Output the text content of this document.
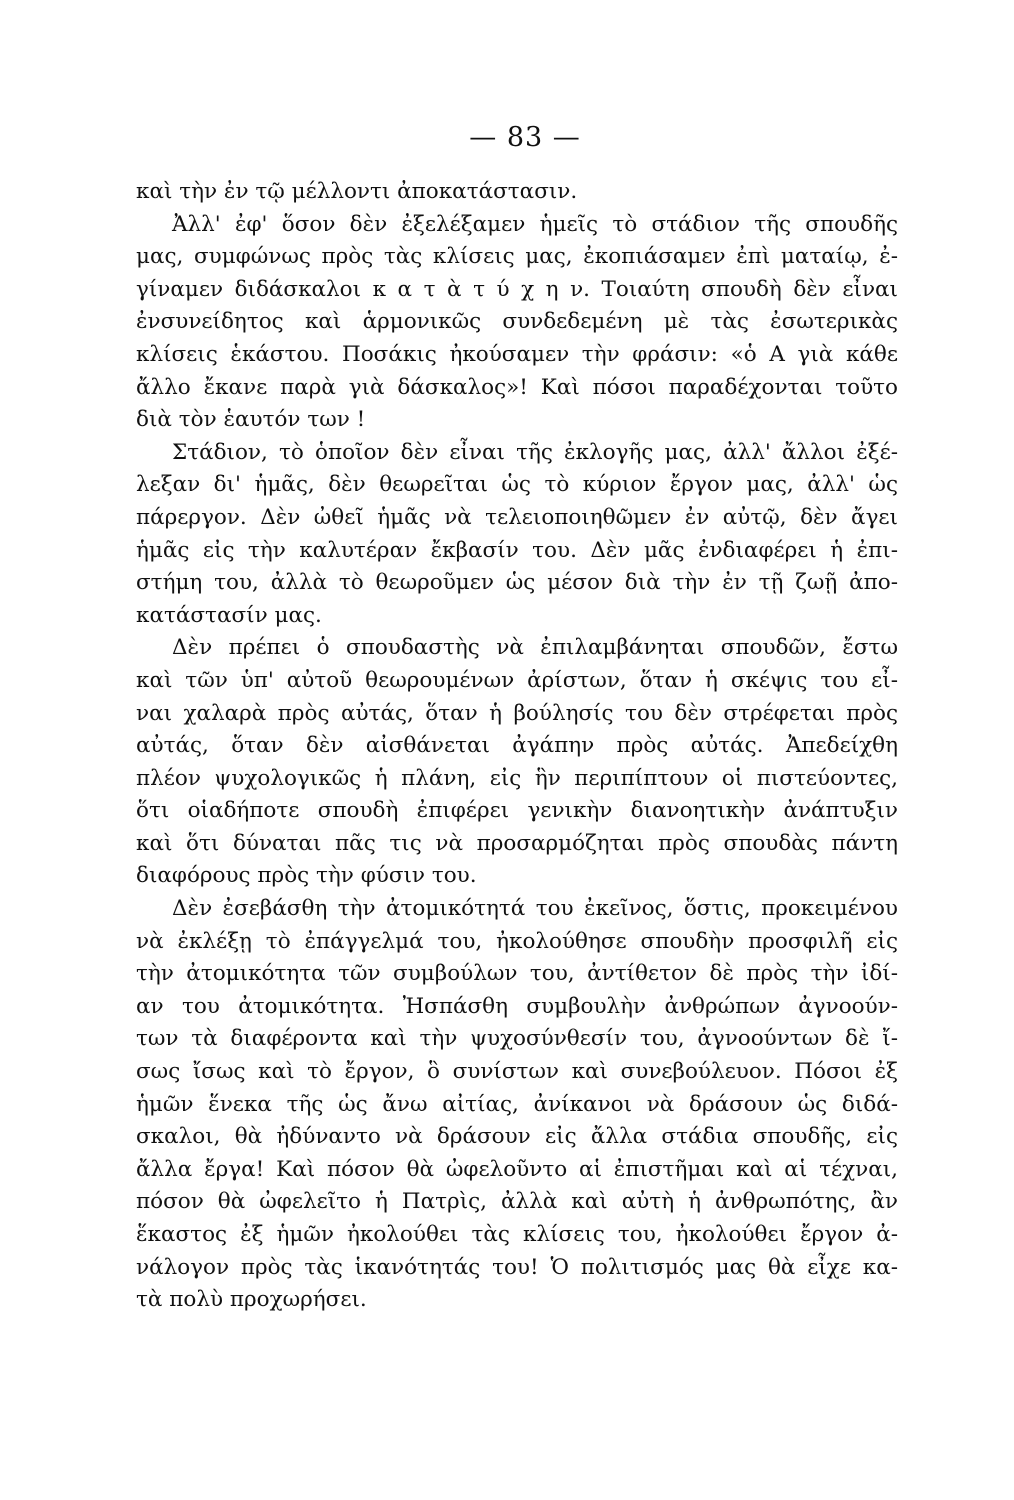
— 83 —
καὶ τὴν ἐν τῷ μέλλοντι ἀποκατάστασιν.
Ἀλλ' ἐφ' ὅσον δὲν ἐξελέξαμεν ἡμεῖς τὸ στάδιον τῆς σπουδῆς
μας, συμφώνως πρὸς τὰς κλίσεις μας, ἐκοπιάσαμεν ἐπὶ ματαίῳ, ἐ-
γίναμεν διδάσκαλοι κ α τ ὰ τ ύ χ η ν. Τοιαύτη σπουδὴ δὲν εἶναι
ἐνσυνείδητος καὶ ἁρμονικῶς συνδεδεμένη μὲ τὰς ἐσωτερικὰς
κλίσεις ἑκάστου. Ποσάκις ἠκούσαμεν τὴν φράσιν: «ὁ Α γιὰ κάθε
ἄλλο ἔκανε παρὰ γιὰ δάσκαλος»! Καὶ πόσοι παραδέχονται τοῦτο
διὰ τὸν ἑαυτόν των !
Στάδιον, τὸ ὁποῖον δὲν εἶναι τῆς ἐκλογῆς μας, ἀλλ' ἄλλοι ἐξέ-
λεξαν δι' ἡμᾶς, δὲν θεωρεῖται ὡς τὸ κύριον ἔργον μας, ἀλλ' ὡς
πάρεργον. Δὲν ὠθεῖ ἡμᾶς νὰ τελειοποιηθῶμεν ἐν αὐτῷ, δὲν ἄγει
ἡμᾶς εἰς τὴν καλυτέραν ἔκβασίν του. Δὲν μᾶς ἐνδιαφέρει ἡ ἐπι-
στήμη του, ἀλλὰ τὸ θεωροῦμεν ὡς μέσον διὰ τὴν ἐν τῇ ζωῇ ἀπο-
κατάστασίν μας.
Δὲν πρέπει ὁ σπουδαστὴς νὰ ἐπιλαμβάνηται σπουδῶν, ἔστω
καὶ τῶν ὑπ' αὐτοῦ θεωρουμένων ἀρίστων, ὅταν ἡ σκέψις του εἶ-
ναι χαλαρὰ πρὸς αὐτάς, ὅταν ἡ βούλησίς του δὲν στρέφεται πρὸς
αὐτάς, ὅταν δὲν αἰσθάνεται ἀγάπην πρὸς αὐτάς. Ἀπεδείχθη
πλέον ψυχολογικῶς ἡ πλάνη, εἰς ἣν περιπίπτουν οἱ πιστεύοντες,
ὅτι οἱαδήποτε σπουδὴ ἐπιφέρει γενικὴν διανοητικὴν ἀνάπτυξιν
καὶ ὅτι δύναται πᾶς τις νὰ προσαρμόζηται πρὸς σπουδὰς πάντη
διαφόρους πρὸς τὴν φύσιν του.
Δὲν ἐσεβάσθη τὴν ἀτομικότητά του ἐκεῖνος, ὅστις, προκειμένου
νὰ ἐκλέξῃ τὸ ἐπάγγελμά του, ἠκολούθησε σπουδὴν προσφιλῆ εἰς
τὴν ἀτομικότητα τῶν συμβούλων του, ἀντίθετον δὲ πρὸς τὴν ἰδί-
αν του ἀτομικότητα. Ἠσπάσθη συμβουλὴν ἀνθρώπων ἀγνοούν-
των τὰ διαφέροντα καὶ τὴν ψυχοσύνθεσίν του, ἀγνοούντων δὲ ἴ-
σως ἴσως καὶ τὸ ἔργον, ὃ συνίστων καὶ συνεβούλευον. Πόσοι ἐξ
ἡμῶν ἕνεκα τῆς ὡς ἄνω αἰτίας, ἀνίκανοι νὰ δράσουν ὡς διδά-
σκαλοι, θὰ ἠδύναντο νὰ δράσουν εἰς ἄλλα στάδια σπουδῆς, εἰς
ἄλλα ἔργα! Καὶ πόσον θὰ ὠφελοῦντο αἱ ἐπιστῆμαι καὶ αἱ τέχναι,
πόσον θὰ ὠφελεῖτο ἡ Πατρὶς, ἀλλὰ καὶ αὐτὴ ἡ ἀνθρωπότης, ἂν
ἕκαστος ἐξ ἡμῶν ἠκολούθει τὰς κλίσεις του, ἠκολούθει ἔργον ἀ-
νάλογον πρὸς τὰς ἱκανότητάς του! Ὁ πολιτισμός μας θὰ εἶχε κα-
τὰ πολὺ προχωρήσει.
